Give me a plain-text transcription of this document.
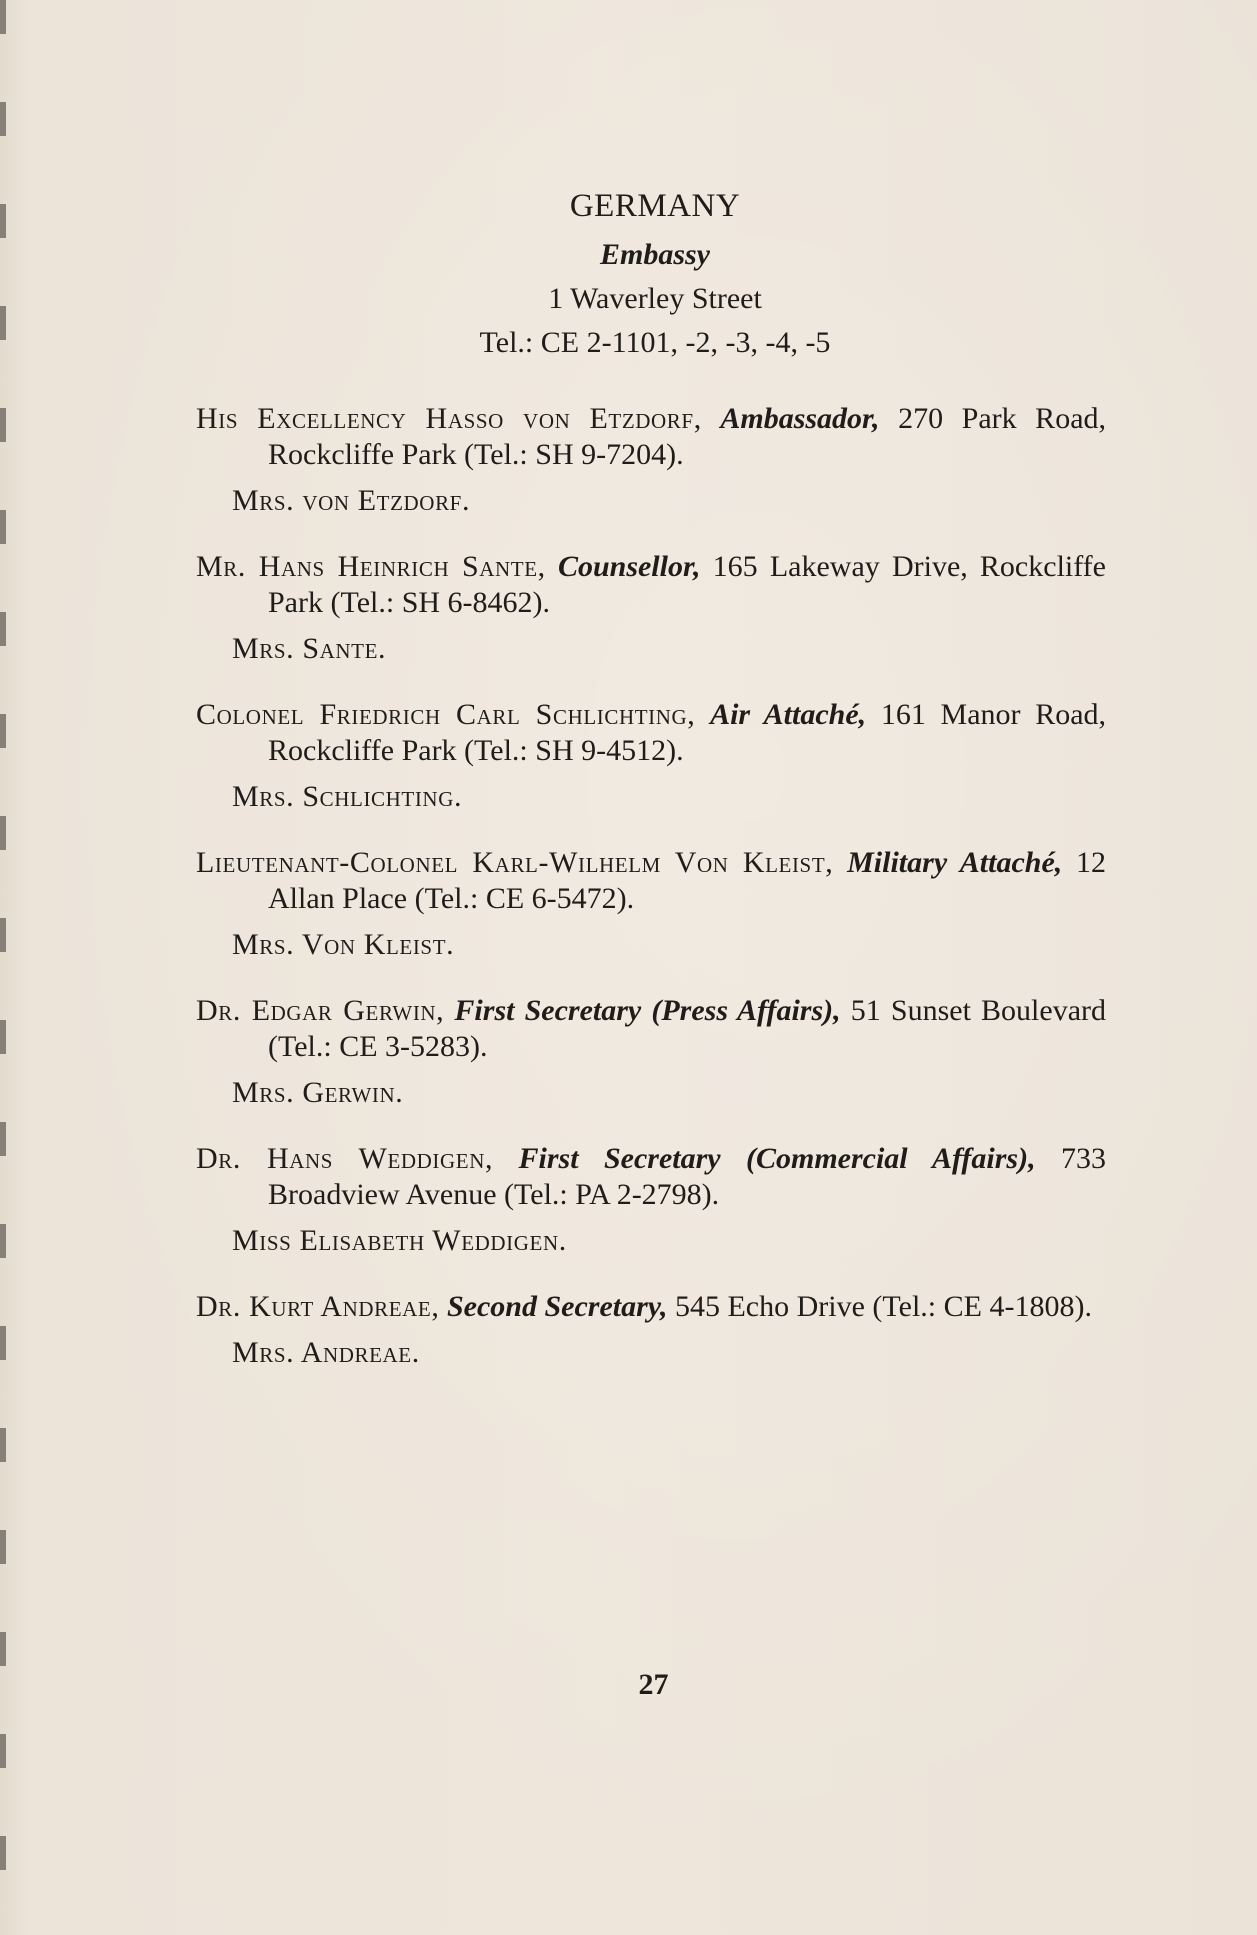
GERMANY

Embassy

1 Waverley Street

Tel.: CE 2-1101, -2, -3, -4, -5

His Excellency Hasso von Etzdorf, Ambassador, 270 Park Road, Rockcliffe Park (Tel.: SH 9-7204).

Mrs. von Etzdorf.

Mr. Hans Heinrich Sante, Counsellor, 165 Lakeway Drive, Rockcliffe Park (Tel.: SH 6-8462).

Mrs. Sante.

Colonel Friedrich Carl Schlichting, Air Attaché, 161 Manor Road, Rockcliffe Park (Tel.: SH 9-4512).

Mrs. Schlichting.

Lieutenant-Colonel Karl-Wilhelm Von Kleist, Military Attaché, 12 Allan Place (Tel.: CE 6-5472).

Mrs. Von Kleist.

Dr. Edgar Gerwin, First Secretary (Press Affairs), 51 Sunset Boulevard (Tel.: CE 3-5283).

Mrs. Gerwin.

Dr. Hans Weddigen, First Secretary (Commercial Affairs), 733 Broadview Avenue (Tel.: PA 2-2798).

Miss Elisabeth Weddigen.

Dr. Kurt Andreae, Second Secretary, 545 Echo Drive (Tel.: CE 4-1808).

Mrs. Andreae.

27
